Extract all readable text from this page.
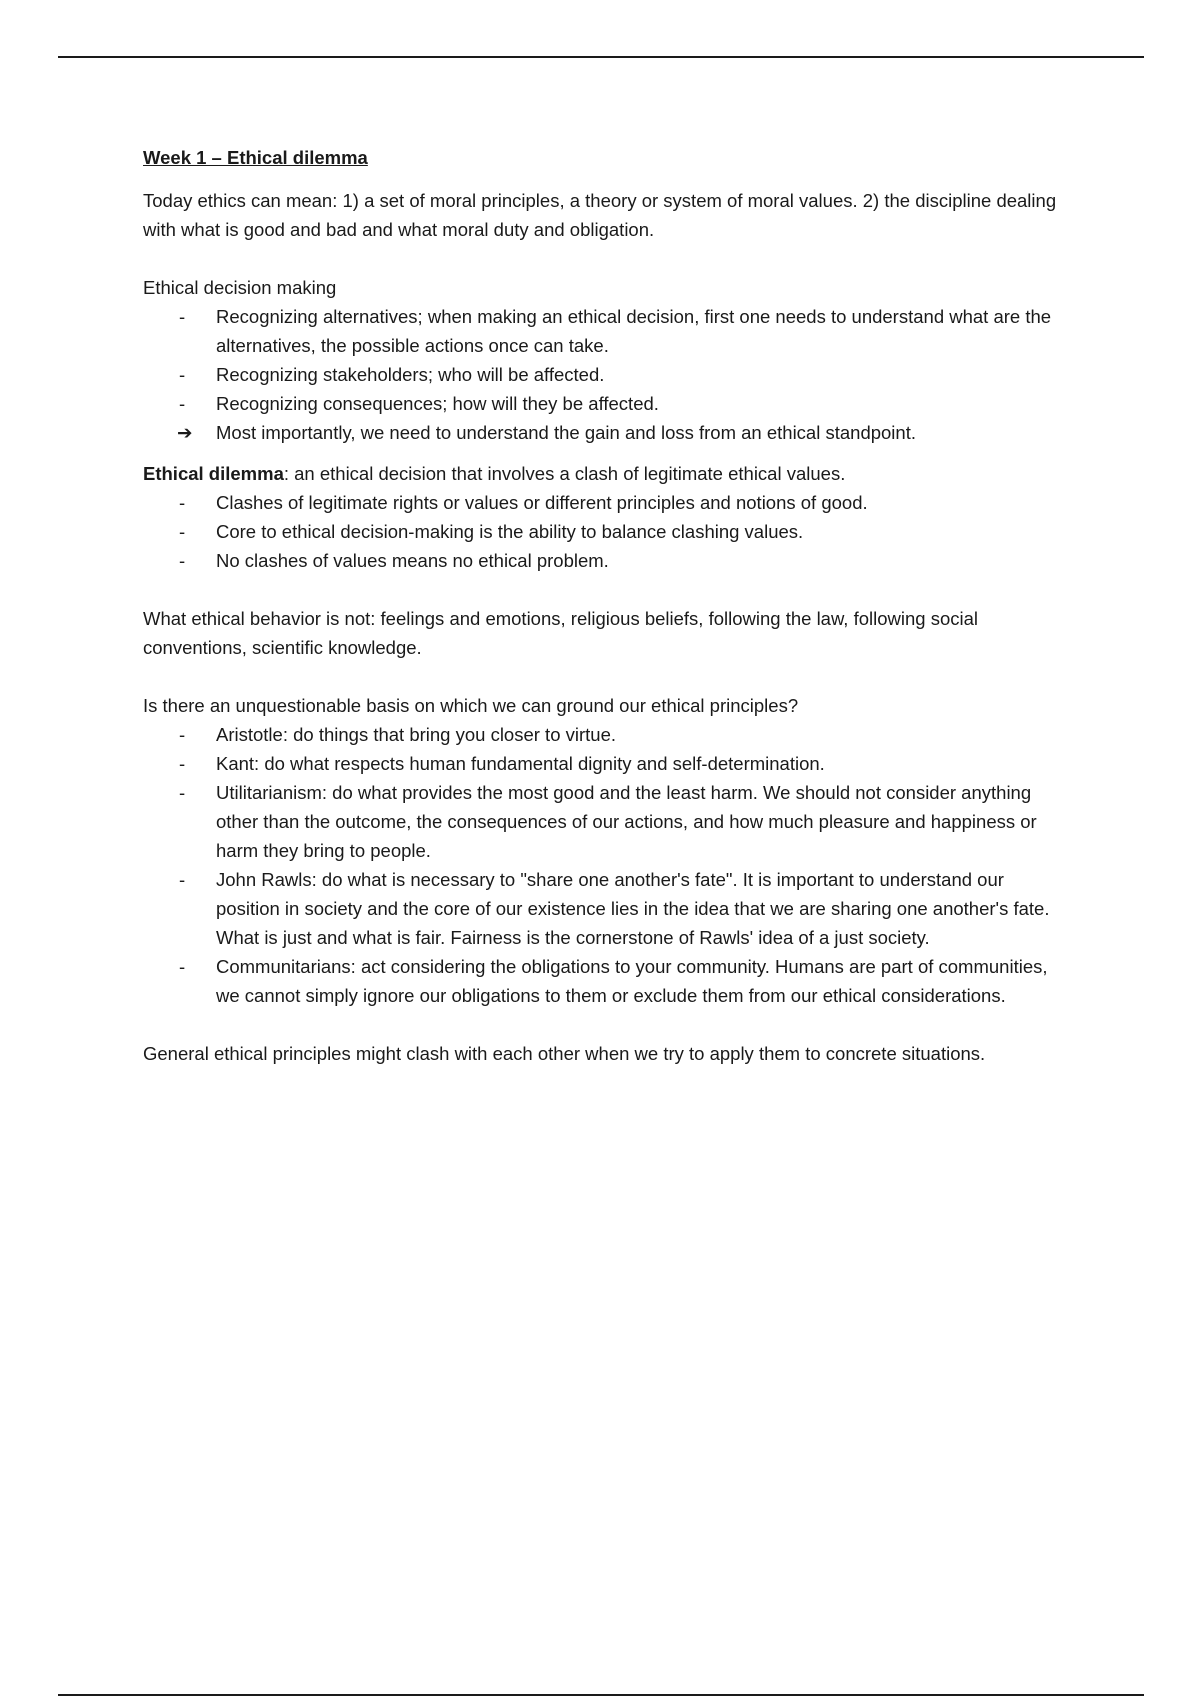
Week 1 – Ethical dilemma

Today ethics can mean: 1) a set of moral principles, a theory or system of moral values. 2) the discipline dealing with what is good and bad and what moral duty and obligation.

Ethical decision making

-	Recognizing alternatives; when making an ethical decision, first one needs to understand what are the alternatives, the possible actions once can take.
-	Recognizing stakeholders; who will be affected.
-	Recognizing consequences; how will they be affected.
➔ Most importantly, we need to understand the gain and loss from an ethical standpoint.

Ethical dilemma: an ethical decision that involves a clash of legitimate ethical values.

-	Clashes of legitimate rights or values or different principles and notions of good.
-	Core to ethical decision-making is the ability to balance clashing values.
-	No clashes of values means no ethical problem.

What ethical behavior is not: feelings and emotions, religious beliefs, following the law, following social conventions, scientific knowledge.

Is there an unquestionable basis on which we can ground our ethical principles?

-	Aristotle: do things that bring you closer to virtue.
-	Kant: do what respects human fundamental dignity and self-determination.
-	Utilitarianism: do what provides the most good and the least harm. We should not consider anything other than the outcome, the consequences of our actions, and how much pleasure and happiness or harm they bring to people.
-	John Rawls: do what is necessary to "share one another's fate". It is important to understand our position in society and the core of our existence lies in the idea that we are sharing one another's fate. What is just and what is fair. Fairness is the cornerstone of Rawls' idea of a just society.
-	Communitarians: act considering the obligations to your community. Humans are part of communities, we cannot simply ignore our obligations to them or exclude them from our ethical considerations.

General ethical principles might clash with each other when we try to apply them to concrete situations.
